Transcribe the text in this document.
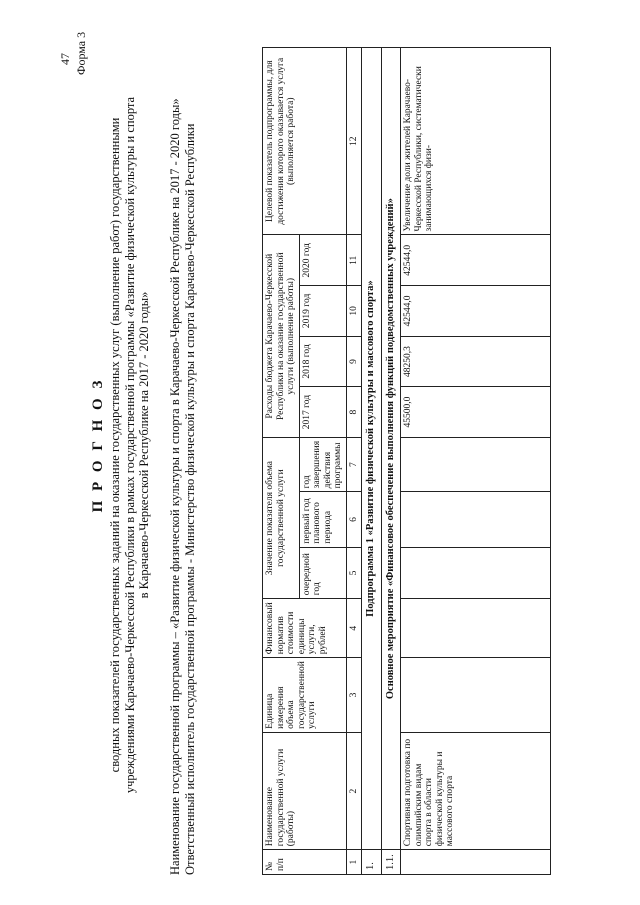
47 Форма 3
П Р О Г Н О З сводных показателей государственных заданий на оказание государственных услуг (выполнение работ) государственными учреждениями Карачаево-Черкесской Республики в рамках государственной программы «Развитие физической культуры и спорта в Карачаево-Черкесской Республике на 2017 - 2020 годы» Наименование государственной программы – «Развитие физической культуры и спорта в Карачаево-Черкесской Республике на 2017 - 2020 годы» Ответственный исполнитель государственной программы - Министерство физической культуры и спорта Карачаево-Черкесской Республики	№ п/п	Наименование государственной услуги (работы)	Единица измерения объема государственной услуги	Финансовый норматив стоимости единицы услуги, рублей	Значение показателя объема государственной услуги			Расходы бюджета Карачаево-Черкесской Республики на оказание государственной услуги (выполнение работы)				Целевой показатель подпрограммы, для достижения которого оказывается услуга (выполняется работа)
				очередной год	первый год планового периода	год завершения действия программы	2017 год	2018 год	2019 год	2020 год	
1	2	3	4	5	6	7	8	9	10	11	12
1.	Подпрограмма 1 «Развитие физической культуры и массового спорта»										
1.1.	Основное мероприятие «Финансовое обеспечение выполнения функций подведомственных учреждений»										
	Спортивная подготовка по олимпийским видам спорта в области физической культуры и массового спорта						45500,0	48250,3	42544,0	42544,0	Увеличение доли жителей Карачаево-Черкесской Республики, систематически занимающихся физи-
